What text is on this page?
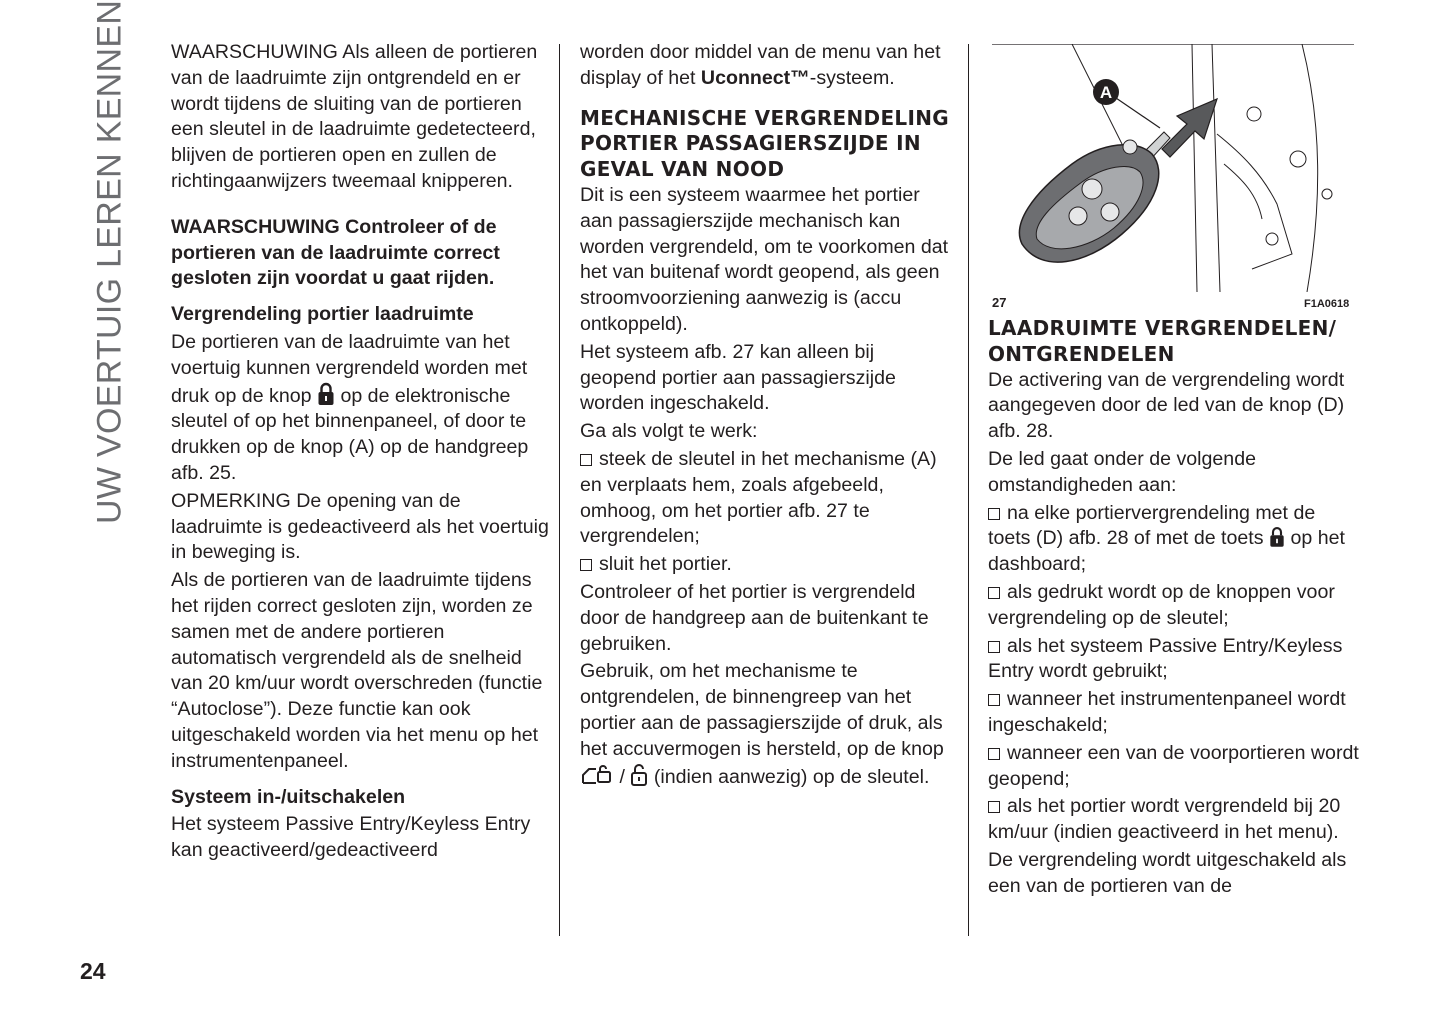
UW VOERTUIG LEREN KENNEN
24

WAARSCHUWING Als alleen de portieren van de laadruimte zijn ontgrendeld en er wordt tijdens de sluiting van de portieren een sleutel in de laadruimte gedetecteerd, blijven de portieren open en zullen de richtingaanwijzers tweemaal knipperen.

WAARSCHUWING Controleer of de portieren van de laadruimte correct gesloten zijn voordat u gaat rijden.

Vergrendeling portier laadruimte

De portieren van de laadruimte van het voertuig kunnen vergrendeld worden met druk op de knop op de elektronische sleutel of op het binnenpaneel, of door te drukken op de knop (A) op de handgreep afb. 25.

OPMERKING De opening van de laadruimte is gedeactiveerd als het voertuig in beweging is.

Als de portieren van de laadruimte tijdens het rijden correct gesloten zijn, worden ze samen met de andere portieren automatisch vergrendeld als de snelheid van 20 km/uur wordt overschreden (functie “Autoclose”). Deze functie kan ook uitgeschakeld worden via het menu op het instrumentenpaneel.

Systeem in-/uitschakelen

Het systeem Passive Entry/Keyless Entry kan geactiveerd/gedeactiveerd

worden door middel van de menu van het display of het Uconnect™-systeem.

MECHANISCHE VERGRENDELING PORTIER PASSAGIERSZIJDE IN GEVAL VAN NOOD

Dit is een systeem waarmee het portier aan passagierszijde mechanisch kan worden vergrendeld, om te voorkomen dat het van buitenaf wordt geopend, als geen stroomvoorziening aanwezig is (accu ontkoppeld).

Het systeem afb. 27 kan alleen bij geopend portier aan passagierszijde worden ingeschakeld.

Ga als volgt te werk:

steek de sleutel in het mechanisme (A) en verplaats hem, zoals afgebeeld, omhoog, om het portier afb. 27 te vergrendelen;

sluit het portier.

Controleer of het portier is vergrendeld door de handgreep aan de buitenkant te gebruiken.

Gebruik, om het mechanisme te ontgrendelen, de binnengreep van het portier aan de passagierszijde of druk, als het accuvermogen is hersteld, op de knop  / (indien aanwezig) op de sleutel.

A
27	F1A0618
LAADRUIMTE VERGRENDELEN/ ONTGRENDELEN

De activering van de vergrendeling wordt aangegeven door de led van de knop (D) afb. 28.

De led gaat onder de volgende omstandigheden aan:

na elke portiervergrendeling met de toets (D) afb. 28 of met de toets op het dashboard;

als gedrukt wordt op de knoppen voor vergrendeling op de sleutel;

als het systeem Passive Entry/Keyless Entry wordt gebruikt;

wanneer het instrumentenpaneel wordt ingeschakeld;

wanneer een van de voorportieren wordt geopend;

als het portier wordt vergrendeld bij 20 km/uur (indien geactiveerd in het menu).

De vergrendeling wordt uitgeschakeld als een van de portieren van de
